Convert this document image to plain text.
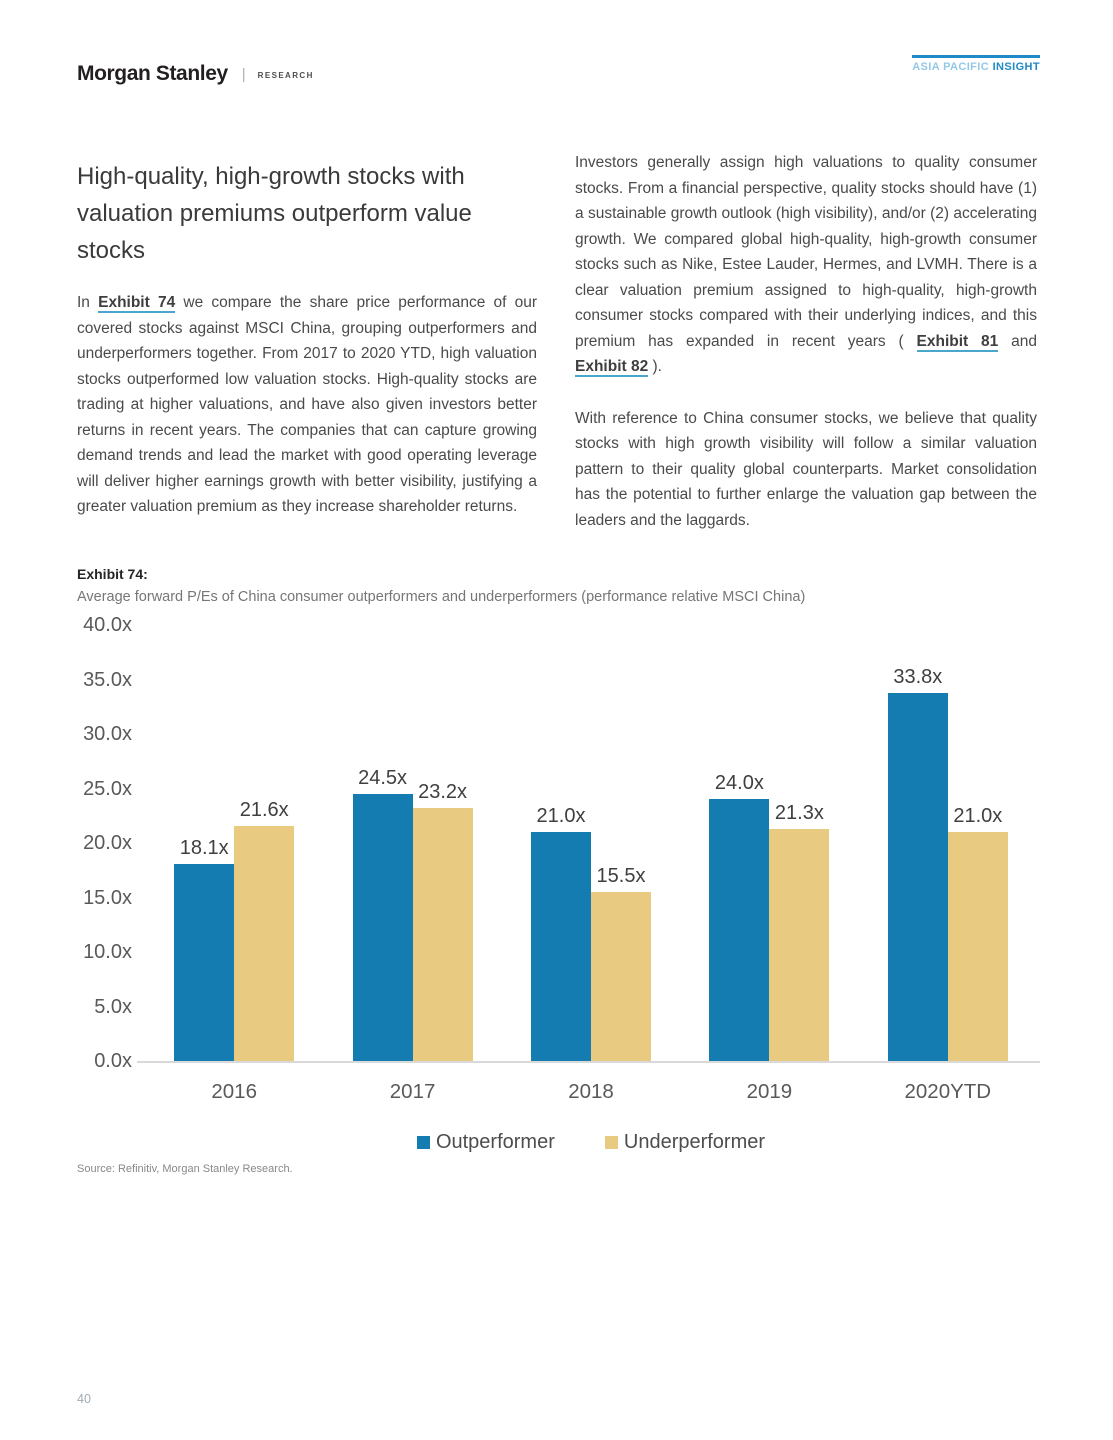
Morgan Stanley | RESEARCH
ASIA PACIFIC INSIGHT
High-quality, high-growth stocks with valuation premiums outperform value stocks

In Exhibit 74 we compare the share price performance of our covered stocks against MSCI China, grouping outperformers and underperformers together. From 2017 to 2020 YTD, high valuation stocks outperformed low valuation stocks. High-quality stocks are trading at higher valuations, and have also given investors better returns in recent years. The companies that can capture growing demand trends and lead the market with good operating leverage will deliver higher earnings growth with better visibility, justifying a greater valuation premium as they increase shareholder returns.

Investors generally assign high valuations to quality consumer stocks. From a financial perspective, quality stocks should have (1) a sustainable growth outlook (high visibility), and/or (2) accelerating growth. We compared global high-quality, high-growth consumer stocks such as Nike, Estee Lauder, Hermes, and LVMH. There is a clear valuation premium assigned to high-quality, high-growth consumer stocks compared with their underlying indices, and this premium has expanded in recent years ( Exhibit 81 and Exhibit 82 ).

With reference to China consumer stocks, we believe that quality stocks with high growth visibility will follow a similar valuation pattern to their quality global counterparts. Market consolidation has the potential to further enlarge the valuation gap between the leaders and the laggards.

Exhibit 74:
Average forward P/Es of China consumer outperformers and underperformers (performance relative MSCI China)
0.0x
5.0x
10.0x
15.0x
20.0x
25.0x
30.0x
35.0x
40.0x
18.1x
21.6x
2016
24.5x
23.2x
2017
21.0x
15.5x
2018
24.0x
21.3x
2019
33.8x
21.0x
2020YTD
Outperformer	Underperformer
Source: Refinitiv, Morgan Stanley Research.
40
